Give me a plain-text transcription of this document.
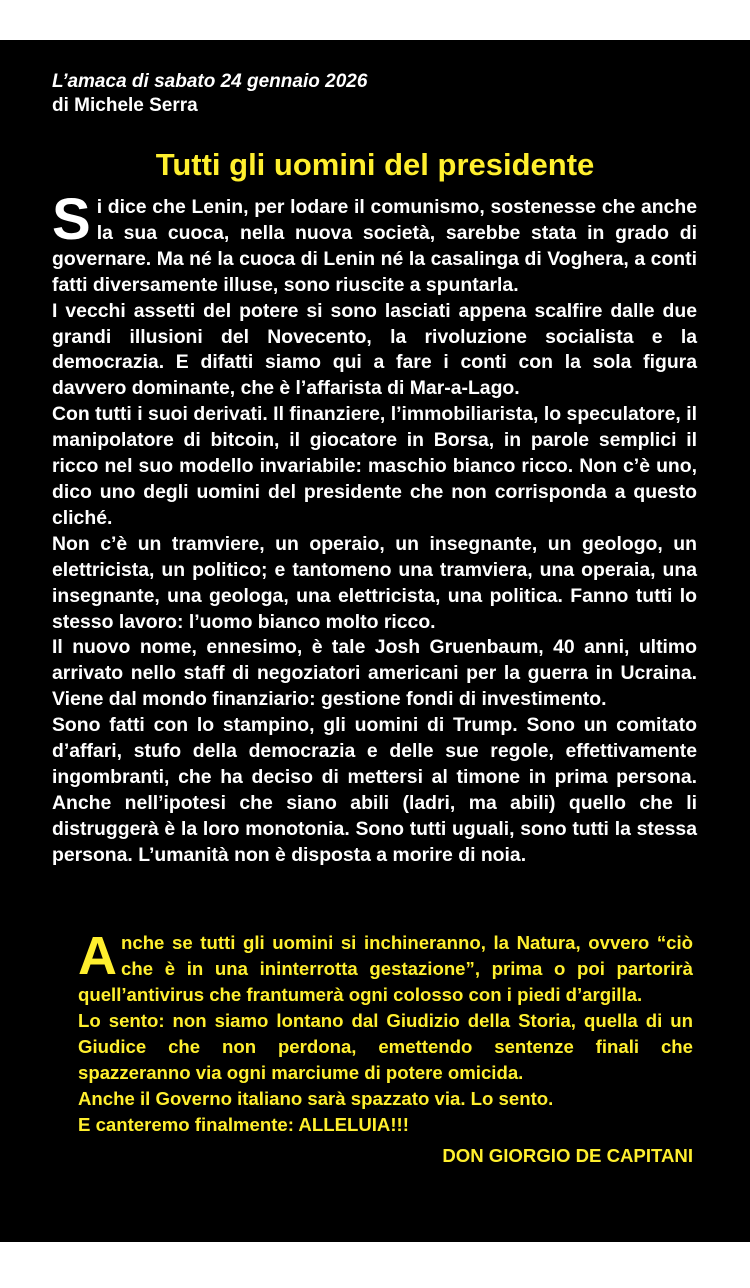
L’amaca di sabato 24 gennaio 2026
di Michele Serra
Tutti gli uomini del presidente

Si dice che Lenin, per lodare il comunismo, sostenesse che anche la sua cuoca, nella nuova società, sarebbe stata in grado di governare. Ma né la cuoca di Lenin né la casalinga di Voghera, a conti fatti diversamente illuse, sono riuscite a spuntarla.

I vecchi assetti del potere si sono lasciati appena scalfire dalle due grandi illusioni del Novecento, la rivoluzione socialista e la democrazia. E difatti siamo qui a fare i conti con la sola figura davvero dominante, che è l’affarista di Mar-a-Lago.

Con tutti i suoi derivati. Il finanziere, l’immobiliarista, lo speculatore, il manipolatore di bitcoin, il giocatore in Borsa, in parole semplici il ricco nel suo modello invariabile: maschio bianco ricco. Non c’è uno, dico uno degli uomini del presidente che non corrisponda a questo cliché.

Non c’è un tramviere, un operaio, un insegnante, un geologo, un elettricista, un politico; e tantomeno una tramviera, una operaia, una insegnante, una geologa, una elettricista, una politica. Fanno tutti lo stesso lavoro: l’uomo bianco molto ricco.

Il nuovo nome, ennesimo, è tale Josh Gruenbaum, 40 anni, ultimo arrivato nello staff di negoziatori americani per la guerra in Ucraina. Viene dal mondo finanziario: gestione fondi di investimento.

Sono fatti con lo stampino, gli uomini di Trump. Sono un comitato d’affari, stufo della democrazia e delle sue regole, effettivamente ingombranti, che ha deciso di mettersi al timone in prima persona. Anche nell’ipotesi che siano abili (ladri, ma abili) quello che li distruggerà è la loro monotonia. Sono tutti uguali, sono tutti la stessa persona. L’umanità non è disposta a morire di noia.

Anche se tutti gli uomini si inchineranno, la Natura, ovvero “ciò che è in una ininterrotta gestazione”, prima o poi partorirà quell’antivirus che frantumerà ogni colosso con i piedi d’argilla.

Lo sento: non siamo lontano dal Giudizio della Storia, quella di un Giudice che non perdona, emettendo sentenze finali che spazzeranno via ogni marciume di potere omicida.

Anche il Governo italiano sarà spazzato via. Lo sento.

E canteremo finalmente: ALLELUIA!!!

DON GIORGIO DE CAPITANI
